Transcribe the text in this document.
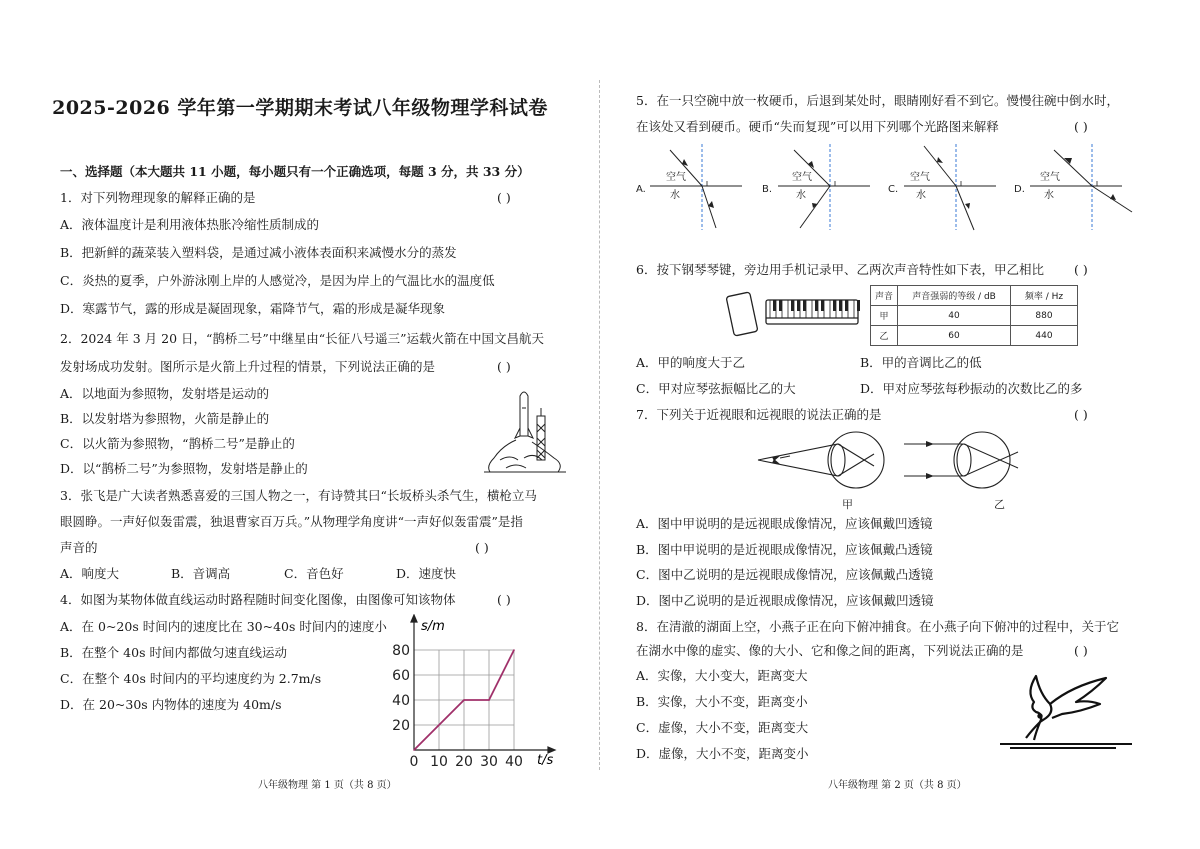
2025-2026 学年第一学期期末考试八年级物理学科试卷
一、选择题（本大题共 11 小题，每小题只有一个正确选项，每题 3 分，共 33 分）
1．对下列物理现象的解释正确的是	( )
A．液体温度计是利用液体热胀冷缩性质制成的
B．把新鲜的蔬菜装入塑料袋，是通过减小液体表面积来减慢水分的蒸发
C．炎热的夏季，户外游泳刚上岸的人感觉冷，是因为岸上的气温比水的温度低
D．寒露节气，露的形成是凝固现象，霜降节气，霜的形成是凝华现象
2．2024 年 3 月 20 日，“鹊桥二号”中继星由“长征八号遥三”运载火箭在中国文昌航天
发射场成功发射。图所示是火箭上升过程的情景，下列说法正确的是	( )
A．以地面为参照物，发射塔是运动的
B．以发射塔为参照物，火箭是静止的
C．以火箭为参照物，“鹊桥二号”是静止的
D．以“鹊桥二号”为参照物，发射塔是静止的
3．张飞是广大读者熟悉喜爱的三国人物之一，有诗赞其曰“长坂桥头杀气生，横枪立马
眼圆睁。一声好似轰雷震，独退曹家百万兵。”从物理学角度讲“一声好似轰雷震”是指
声音的	( )
A．响度大	B．音调高	C．音色好	D．速度快
4．如图为某物体做直线运动时路程随时间变化图像，由图像可知该物体	( )
A．在 0~20s 时间内的速度比在 30~40s 时间内的速度小
B．在整个 40s 时间内都做匀速直线运动
C．在整个 40s 时间内的平均速度约为 2.7m/s
D．在 20~30s 内物体的速度为 40m/s
0 10 20 30 40
20
40
60
80
s/m
t/s
八年级物理 第 1 页（共 8 页）
5．在一只空碗中放一枚硬币，后退到某处时，眼睛刚好看不到它。慢慢往碗中倒水时，
在该处又看到硬币。硬币“失而复现”可以用下列哪个光路图来解释	( )
A.
空气
水
B.
空气
水
C.
空气
水
D.
空气
水
6．按下钢琴琴键，旁边用手机记录甲、乙两次声音特性如下表，甲乙相比 ( )
声音	声音强弱的等级 / dB	频率 / Hz
甲	40	880
乙	60	440
A．甲的响度大于乙	B．甲的音调比乙的低
C．甲对应琴弦振幅比乙的大	D．甲对应琴弦每秒振动的次数比乙的多
7．下列关于近视眼和远视眼的说法正确的是	( )
甲	乙
A．图中甲说明的是远视眼成像情况，应该佩戴凹透镜
B．图中甲说明的是近视眼成像情况，应该佩戴凸透镜
C．图中乙说明的是远视眼成像情况，应该佩戴凸透镜
D．图中乙说明的是近视眼成像情况，应该佩戴凹透镜
8．在清澈的湖面上空，小燕子正在向下俯冲捕食。在小燕子向下俯冲的过程中，关于它
在湖水中像的虚实、像的大小、它和像之间的距离，下列说法正确的是	( )
A．实像，大小变大，距离变大
B．实像，大小不变，距离变小
C．虚像，大小不变，距离变大
D．虚像，大小不变，距离变小
八年级物理 第 2 页（共 8 页）
